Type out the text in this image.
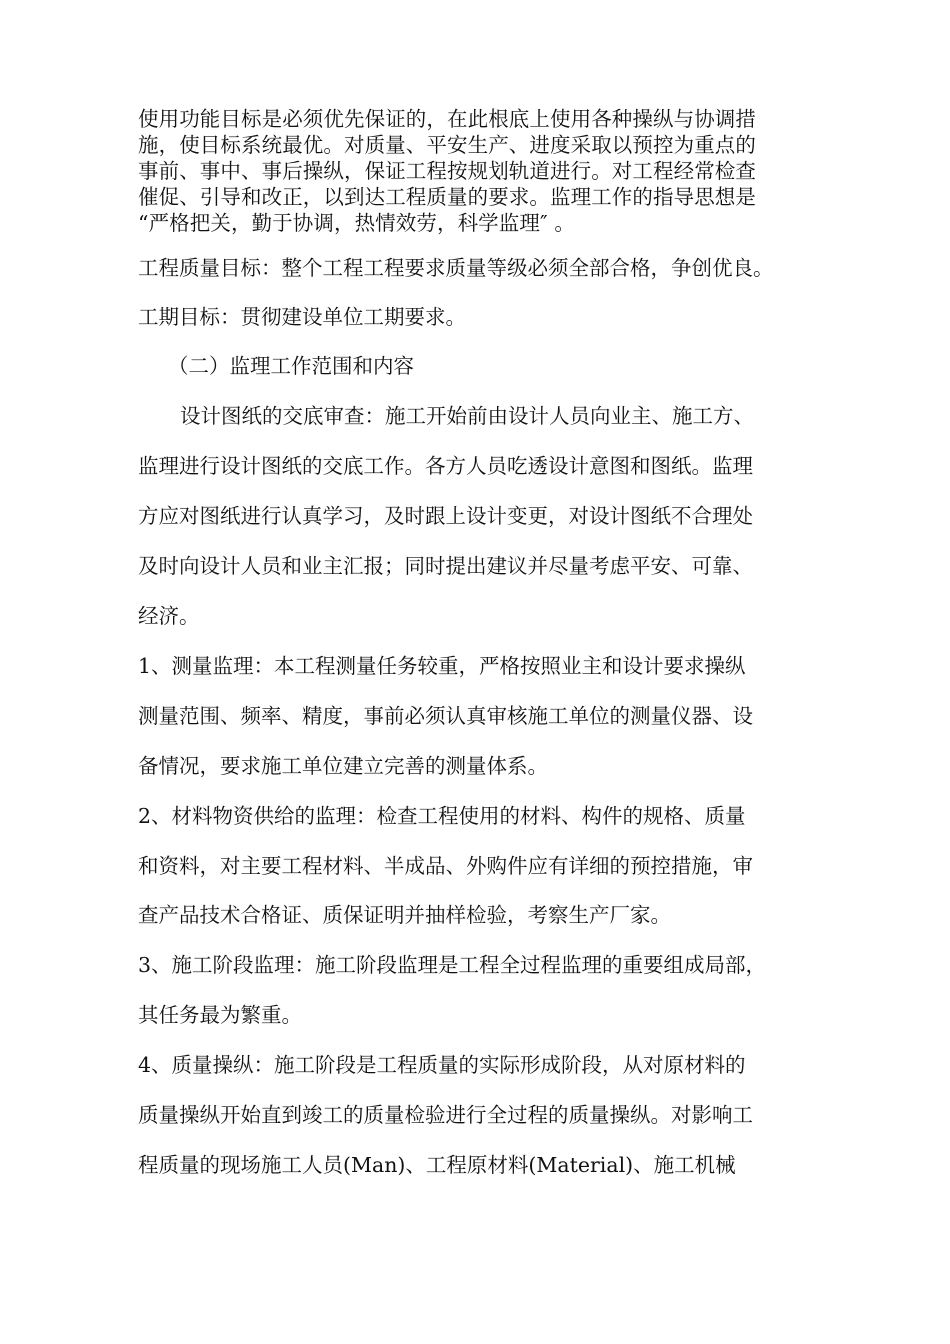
使用功能目标是必须优先保证的，在此根底上使用各种操纵与协调措
施，使目标系统最优。对质量、平安生产、进度采取以预控为重点的
事前、事中、事后操纵，保证工程按规划轨道进行。对工程经常检查
催促、引导和改正，以到达工程质量的要求。监理工作的指导思想是
“严格把关，勤于协调，热情效劳，科学监理″ 。
工程质量目标：整个工程工程要求质量等级必须全部合格，争创优良。
工期目标：贯彻建设单位工期要求。
（二）监理工作范围和内容
设计图纸的交底审查：施工开始前由设计人员向业主、施工方、
监理进行设计图纸的交底工作。各方人员吃透设计意图和图纸。监理
方应对图纸进行认真学习，及时跟上设计变更，对设计图纸不合理处
及时向设计人员和业主汇报；同时提出建议并尽量考虑平安、可靠、
经济。
1、测量监理：本工程测量任务较重，严格按照业主和设计要求操纵
测量范围、频率、精度，事前必须认真审核施工单位的测量仪器、设
备情况，要求施工单位建立完善的测量体系。
2、材料物资供给的监理：检查工程使用的材料、构件的规格、质量
和资料，对主要工程材料、半成品、外购件应有详细的预控措施，审
查产品技术合格证、质保证明并抽样检验，考察生产厂家。
3、施工阶段监理：施工阶段监理是工程全过程监理的重要组成局部，
其任务最为繁重。
4、质量操纵：施工阶段是工程质量的实际形成阶段，从对原材料的
质量操纵开始直到竣工的质量检验进行全过程的质量操纵。对影响工
程质量的现场施工人员(Man)、工程原材料(Material)、施工机械
